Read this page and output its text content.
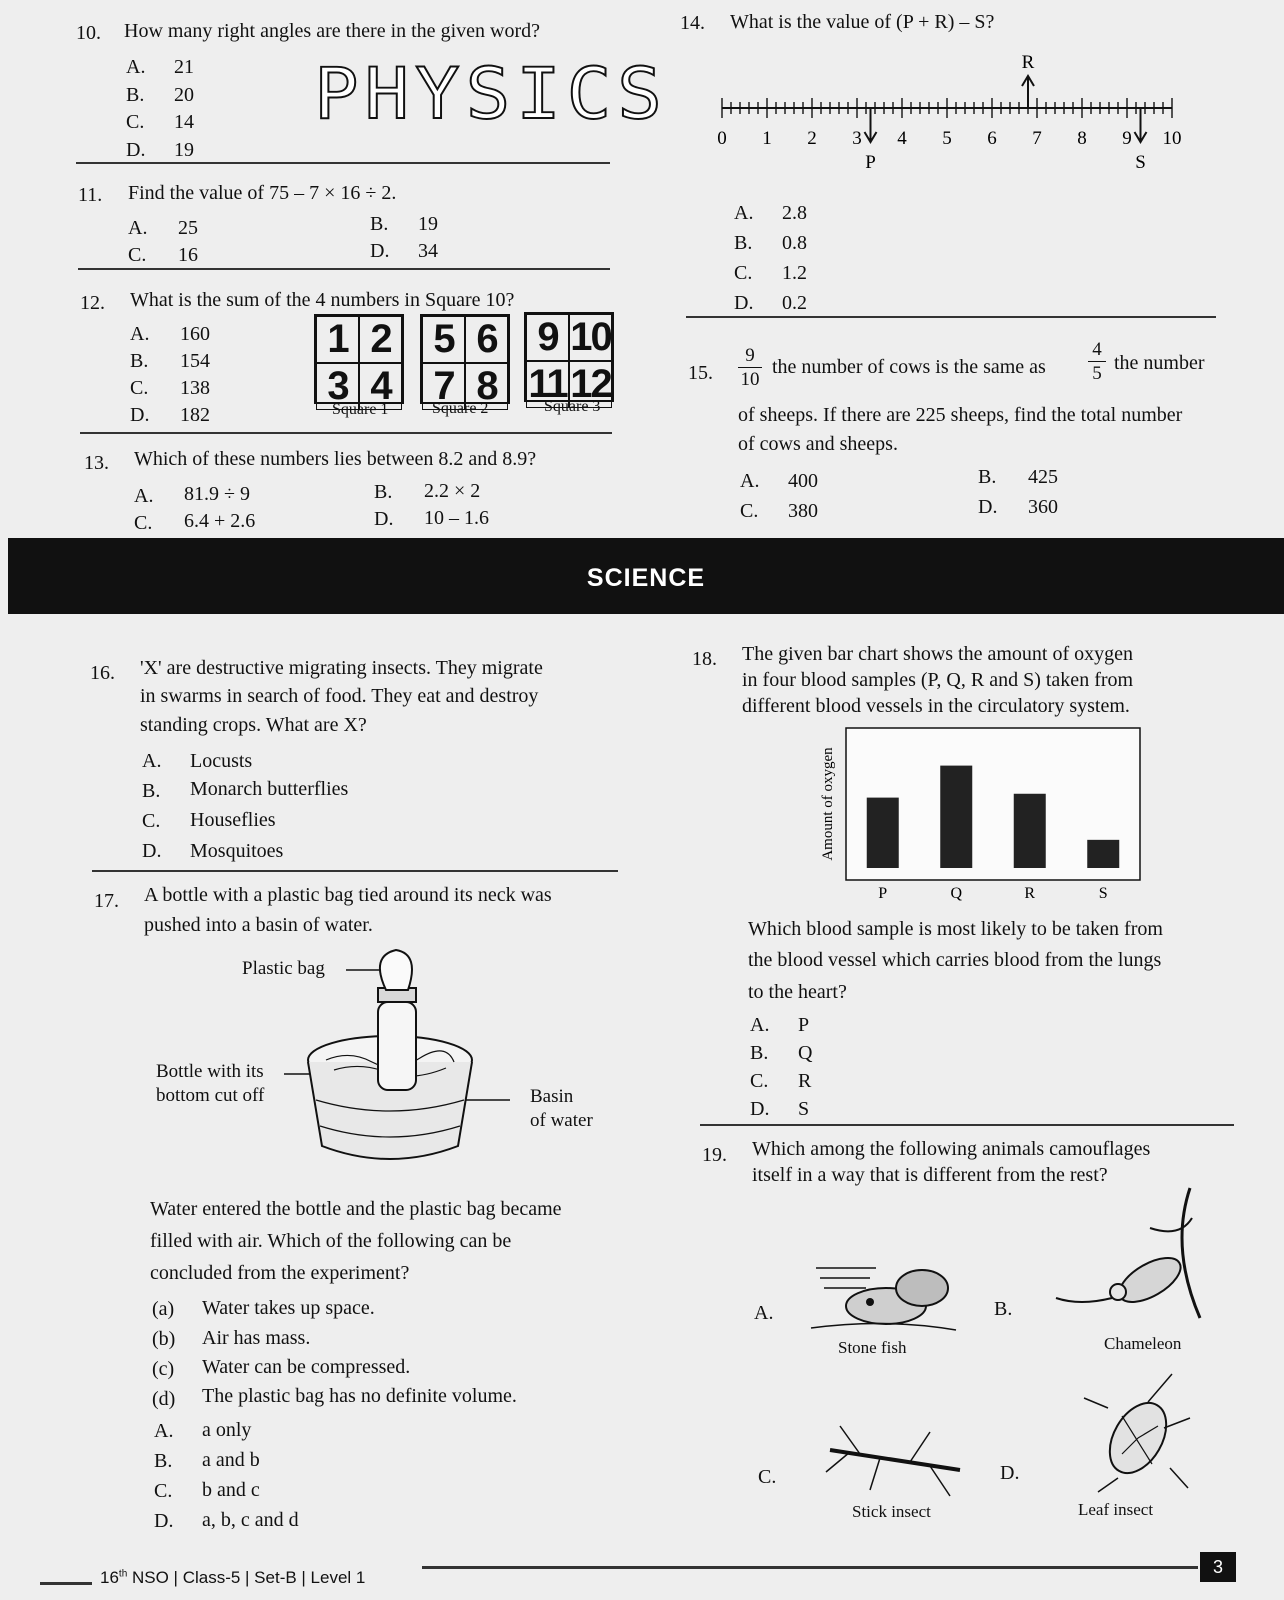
10. How many right angles are there in the given word?
A. 21
B. 20
C. 14
D. 19
PHYSICS
11. Find the value of 75 – 7 × 16 ÷ 2.
A. 25	B. 19
C. 16	D. 34
12. What is the sum of the 4 numbers in Square 10?
A. 160
B. 154
C. 138
D. 182
1 2
3 4
Square 1
5 6
7 8
Square 2
9 10
11 12
Square 3
13. Which of these numbers lies between 8.2 and 8.9?
A. 81.9 ÷ 9	B. 2.2 × 2
C. 6.4 + 2.6	D. 10 – 1.6
14. What is the value of (P + R) – S?
0 1 2 3 4 5 6 7 8 9 10
P
R
S
A. 2.8
B. 0.8
C. 1.2
D. 0.2
15. $\frac{9}{10}$ the number of cows is the same as $\frac{4}{5}$ the number
of sheeps. If there are 225 sheeps, find the total number
of cows and sheeps.
A. 400	B. 425
C. 380	D. 360
SCIENCE
16. 'X' are destructive migrating insects. They migrate
in swarms in search of food. They eat and destroy
standing crops. What are X?
A. Locusts
B. Monarch butterflies
C. Houseflies
D. Mosquitoes
17. A bottle with a plastic bag tied around its neck was
pushed into a basin of water.
Plastic bag
Bottle with its
bottom cut off	Basin
of water
Water entered the bottle and the plastic bag became
filled with air. Which of the following can be
concluded from the experiment?
(a) Water takes up space.
(b) Air has mass.
(c) Water can be compressed.
(d) The plastic bag has no definite volume.
A. a only
B. a and b
C. b and c
D. a, b, c and d
18. The given bar chart shows the amount of oxygen
in four blood samples (P, Q, R and S) taken from
different blood vessels in the circulatory system.
Amount of oxygen
P	Q	R	S
Which blood sample is most likely to be taken from
the blood vessel which carries blood from the lungs
to the heart?
A. P
B. Q
C. R
D. S
19. Which among the following animals camouflages
itself in a way that is different from the rest?
A.
Stone fish
B.
Chameleon
C.
Stick insect
D.
Leaf insect
16th NSO | Class-5 | Set-B | Level 1
3
